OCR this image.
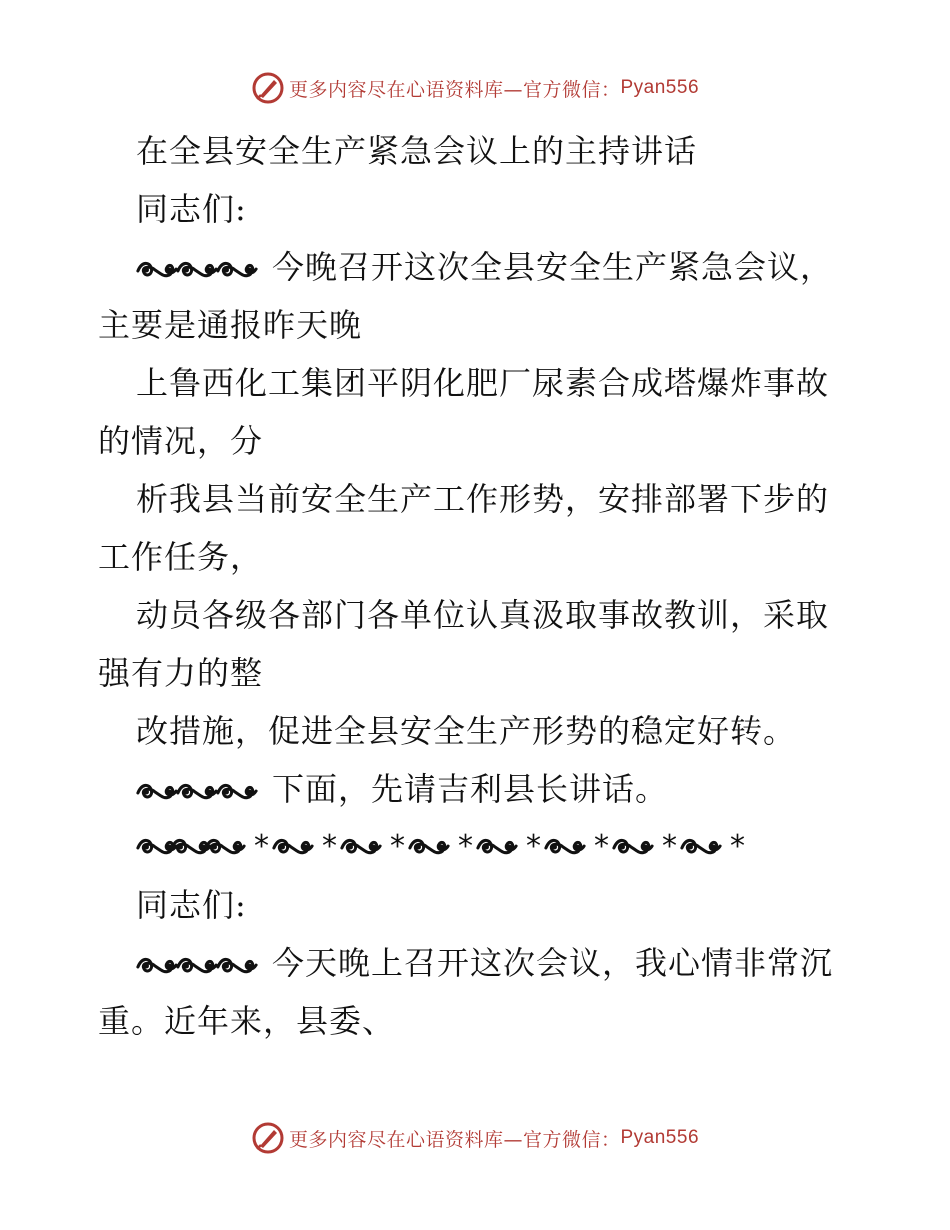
更多内容尽在心语资料库—官方微信： Pyan556
在全县安全生产紧急会议上的主持讲话
同志们:
今晚召开这次全县安全生产紧急会议，
主要是通报昨天晚
上鲁西化工集团平阴化肥厂尿素合成塔爆炸事故
的情况，分
析我县当前安全生产工作形势，安排部署下步的
工作任务，
动员各级各部门各单位认真汲取事故教训，采取
强有力的整
改措施，促进全县安全生产形势的稳定好转。
下面，先请吉利县长讲话。
* * * * * * * *
同志们:
今天晚上召开这次会议，我心情非常沉
重。近年来，县委、
更多内容尽在心语资料库—官方微信： Pyan556
